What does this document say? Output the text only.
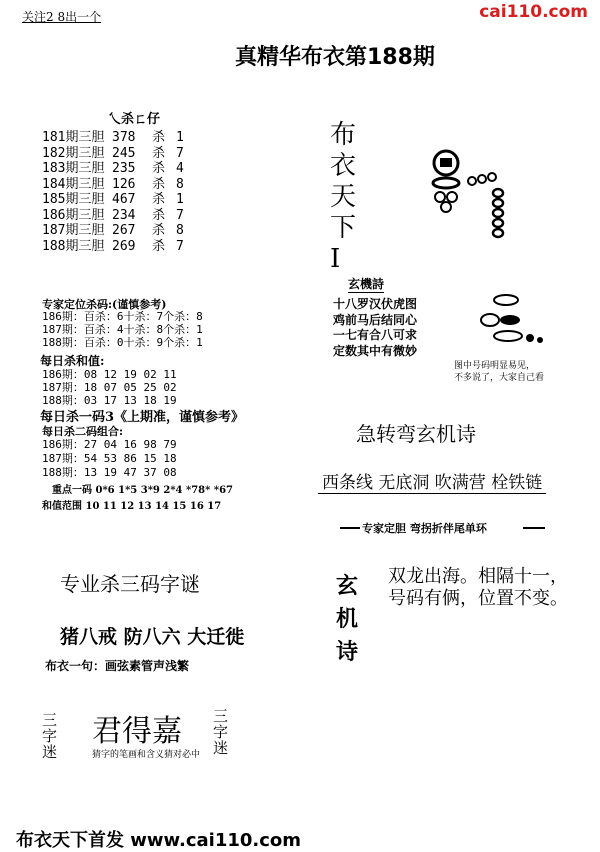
关注2 8出一个	cai110.com
真精华布衣第188期
乀杀ㄈ仔
181期三胆 378 杀 1
182期三胆 245 杀 7
183期三胆 235 杀 4
184期三胆 126 杀 8
185期三胆 467 杀 1
186期三胆 234 杀 7
187期三胆 267 杀 8
188期三胆 269 杀 7
专家定位杀码:(谨慎参考)
186期：百杀：6十杀：7个杀：8
187期：百杀：4十杀：8个杀：1
188期：百杀：0十杀：9个杀：1
每日杀和值:
186期：08 12 19 02 11
187期：18 07 05 25 02
188期：03 17 13 18 19
每日杀一码3《上期准，谨慎参考》
每日杀二码组合:
186期：27 04 16 98 79
187期：54 53 86 15 18
188期：13 19 47 37 08
重点一码 0*6 1*5 3*9 2*4 *78* *67
和值范围 10 11 12 13 14 15 16 17
专业杀三码字谜
猪八戒 防八六 大迁徙
布衣一句：画弦素管声浅繁
三字迷
君得嘉
猜字的笔画和含义猜对必中
三字迷
布衣天下首发 www.cai110.com
布衣天下I
玄機詩
十八罗汉伏虎图
鸡前马后结同心
一七有合八可求
定数其中有微妙
图中号码明显易见，
不多说了，大家自己看
急转弯玄机诗
西条线 无底洞 吹满营 栓铁链
专家定胆 弯拐折伴尾单环
玄机诗
双龙出海。相隔十一，
号码有俩，位置不变。
